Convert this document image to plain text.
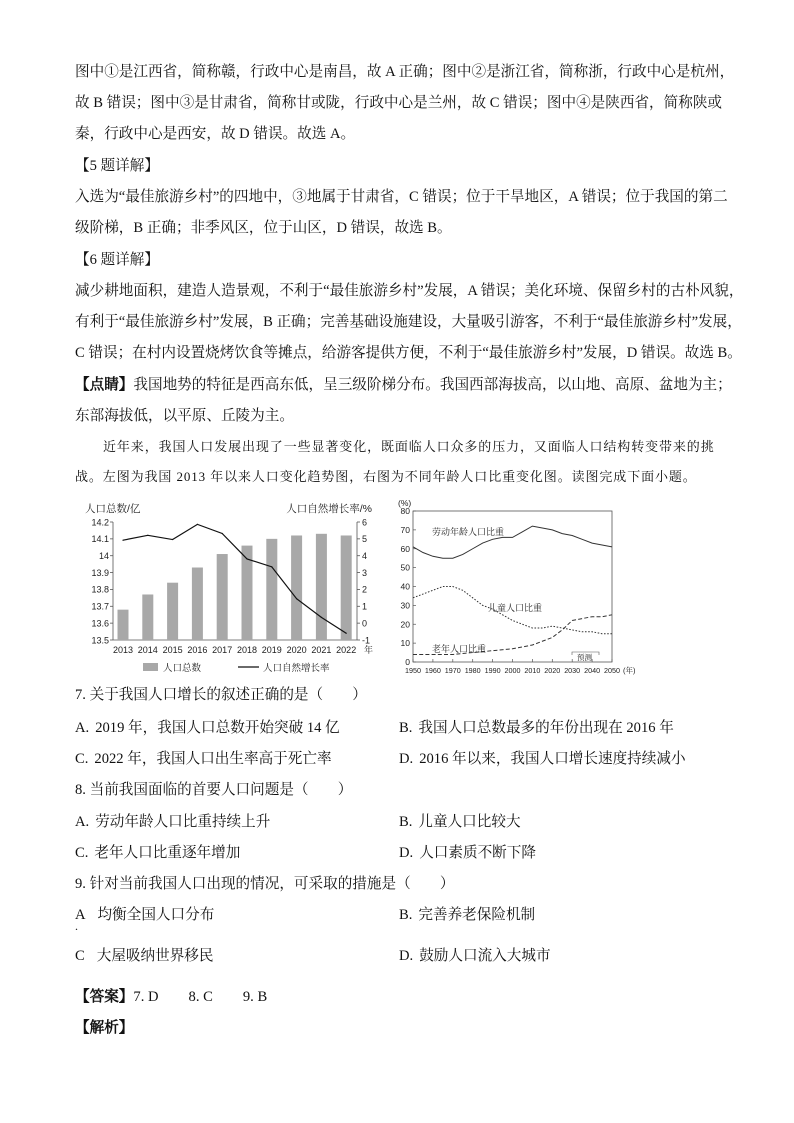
图中①是江西省，简称赣，行政中心是南昌，故 A 正确；图中②是浙江省，简称浙，行政中心是杭州，
故 B 错误；图中③是甘肃省，简称甘或陇，行政中心是兰州，故 C 错误；图中④是陕西省，简称陕或
秦，行政中心是西安，故 D 错误。故选 A。
【5 题详解】
入选为“最佳旅游乡村”的四地中，③地属于甘肃省，C 错误；位于干旱地区，A 错误；位于我国的第二
级阶梯，B 正确；非季风区，位于山区，D 错误，故选 B。
【6 题详解】
减少耕地面积，建造人造景观，不利于“最佳旅游乡村”发展，A 错误；美化环境、保留乡村的古朴风貌，
有利于“最佳旅游乡村”发展，B 正确；完善基础设施建设，大量吸引游客，不利于“最佳旅游乡村”发展，
C 错误；在村内设置烧烤饮食等摊点，给游客提供方便，不利于“最佳旅游乡村”发展，D 错误。故选 B。
【点睛】我国地势的特征是西高东低，呈三级阶梯分布。我国西部海拔高，以山地、高原、盆地为主；
东部海拔低，以平原、丘陵为主。
近年来，我国人口发展出现了一些显著变化，既面临人口众多的压力，又面临人口结构转变带来的挑
战。左图为我国 2013 年以来人口变化趋势图，右图为不同年龄人口比重变化图。读图完成下面小题。
人口总数/亿	人口自然增长率/%
14.2
14.1
14
13.9
13.8
13.7
13.6
13.5
6
5
4
3
2
1
0
-1
2013 2014 2015 2016 2017 2018 2019 2020 2021 2022 年
人口总数	人口自然增长率
(%)
80
70
60
50
40
30
20
10
0
1950 1960 1970 1980 1990 2000 2010 2020 2030 2040 2050 (年)
劳动年龄人口比重
儿童人口比重
老年人口比重
预测
7. 关于我国人口增长的叙述正确的是（　　）
A. 2019 年，我国人口总数开始突破 14 亿	B. 我国人口总数最多的年份出现在 2016 年
C. 2022 年，我国人口出生率高于死亡率	D. 2016 年以来，我国人口增长速度持续减小
8. 当前我国面临的首要人口问题是（　　）
A. 劳动年龄人口比重持续上升	B. 儿童人口比较大
C. 老年人口比重逐年增加	D. 人口素质不断下降
9. 针对当前我国人口出现的情况，可采取的措施是（　　）
A 均衡全国人口分布	B. 完善养老保险机制
.
C 大屋吸纳世界移民	D. 鼓励人口流入大城市
【答案】7. D 8. C 9. B
【解析】
